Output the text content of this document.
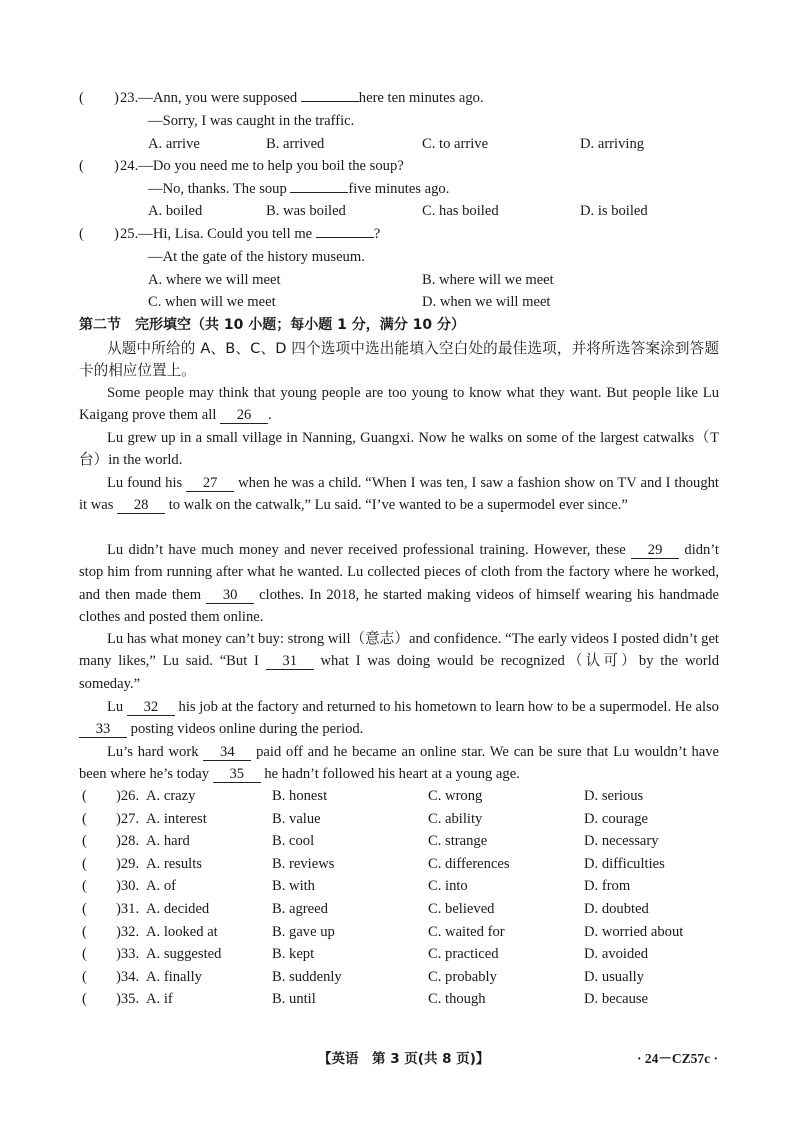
( ) 23.—Ann, you were supposed	here ten minutes ago.
—Sorry, I was caught in the traffic.
A. arrive	B. arrived	C. to arrive	D. arriving
( ) 24.—Do you need me to help you boil the soup?
—No, thanks. The soup	five minutes ago.
A. boiled	B. was boiled	C. has boiled	D. is boiled
( ) 25.—Hi, Lisa. Could you tell me	?
—At the gate of the history museum.
A. where we will meet	B. where will we meet
C. when will we meet	D. when we will meet
第二节　完形填空（共 10 小题；每小题 1 分，满分 10 分）
从题中所给的 A、B、C、D 四个选项中选出能填入空白处的最佳选项，并将所选答案涂到答题卡的相应位置上。
Some people may think that young people are too young to know what they want. But people like Lu Kaigang prove them all 26 .
Lu grew up in a small village in Nanning, Guangxi. Now he walks on some of the largest catwalks（T 台）in the world.
Lu found his 27 when he was a child. “When I was ten, I saw a fashion show on TV and I thought it was 28 to walk on the catwalk,” Lu said. “I’ve wanted to be a supermodel ever since.”
Lu didn’t have much money and never received professional training. However, these 29 didn’t stop him from running after what he wanted. Lu collected pieces of cloth from the factory where he worked, and then made them 30 clothes. In 2018, he started making videos of himself wearing his handmade clothes and posted them online.
Lu has what money can’t buy: strong will（意志）and confidence. “The early videos I posted didn’t get many likes,” Lu said. “But I 31 what I was doing would be recognized（认可）by the world someday.”
Lu 32 his job at the factory and returned to his hometown to learn how to be a supermodel. He also 33 posting videos online during the period.
Lu’s hard work 34 paid off and he became an online star. We can be sure that Lu wouldn’t have been where he’s today 35 he hadn’t followed his heart at a young age.
( )26. A. crazy	B. honest	C. wrong	D. serious
( )27. A. interest	B. value	C. ability	D. courage
( )28. A. hard	B. cool	C. strange	D. necessary
( )29. A. results	B. reviews	C. differences	D. difficulties
( )30. A. of	B. with	C. into	D. from
( )31. A. decided	B. agreed	C. believed	D. doubted
( )32. A. looked at	B. gave up	C. waited for	D. worried about
( )33. A. suggested	B. kept	C. practiced	D. avoided
( )34. A. finally	B. suddenly	C. probably	D. usually
( )35. A. if	B. until	C. though	D. because
【英语　第 3 页(共 8 页)】	· 24－CZ57c ·
